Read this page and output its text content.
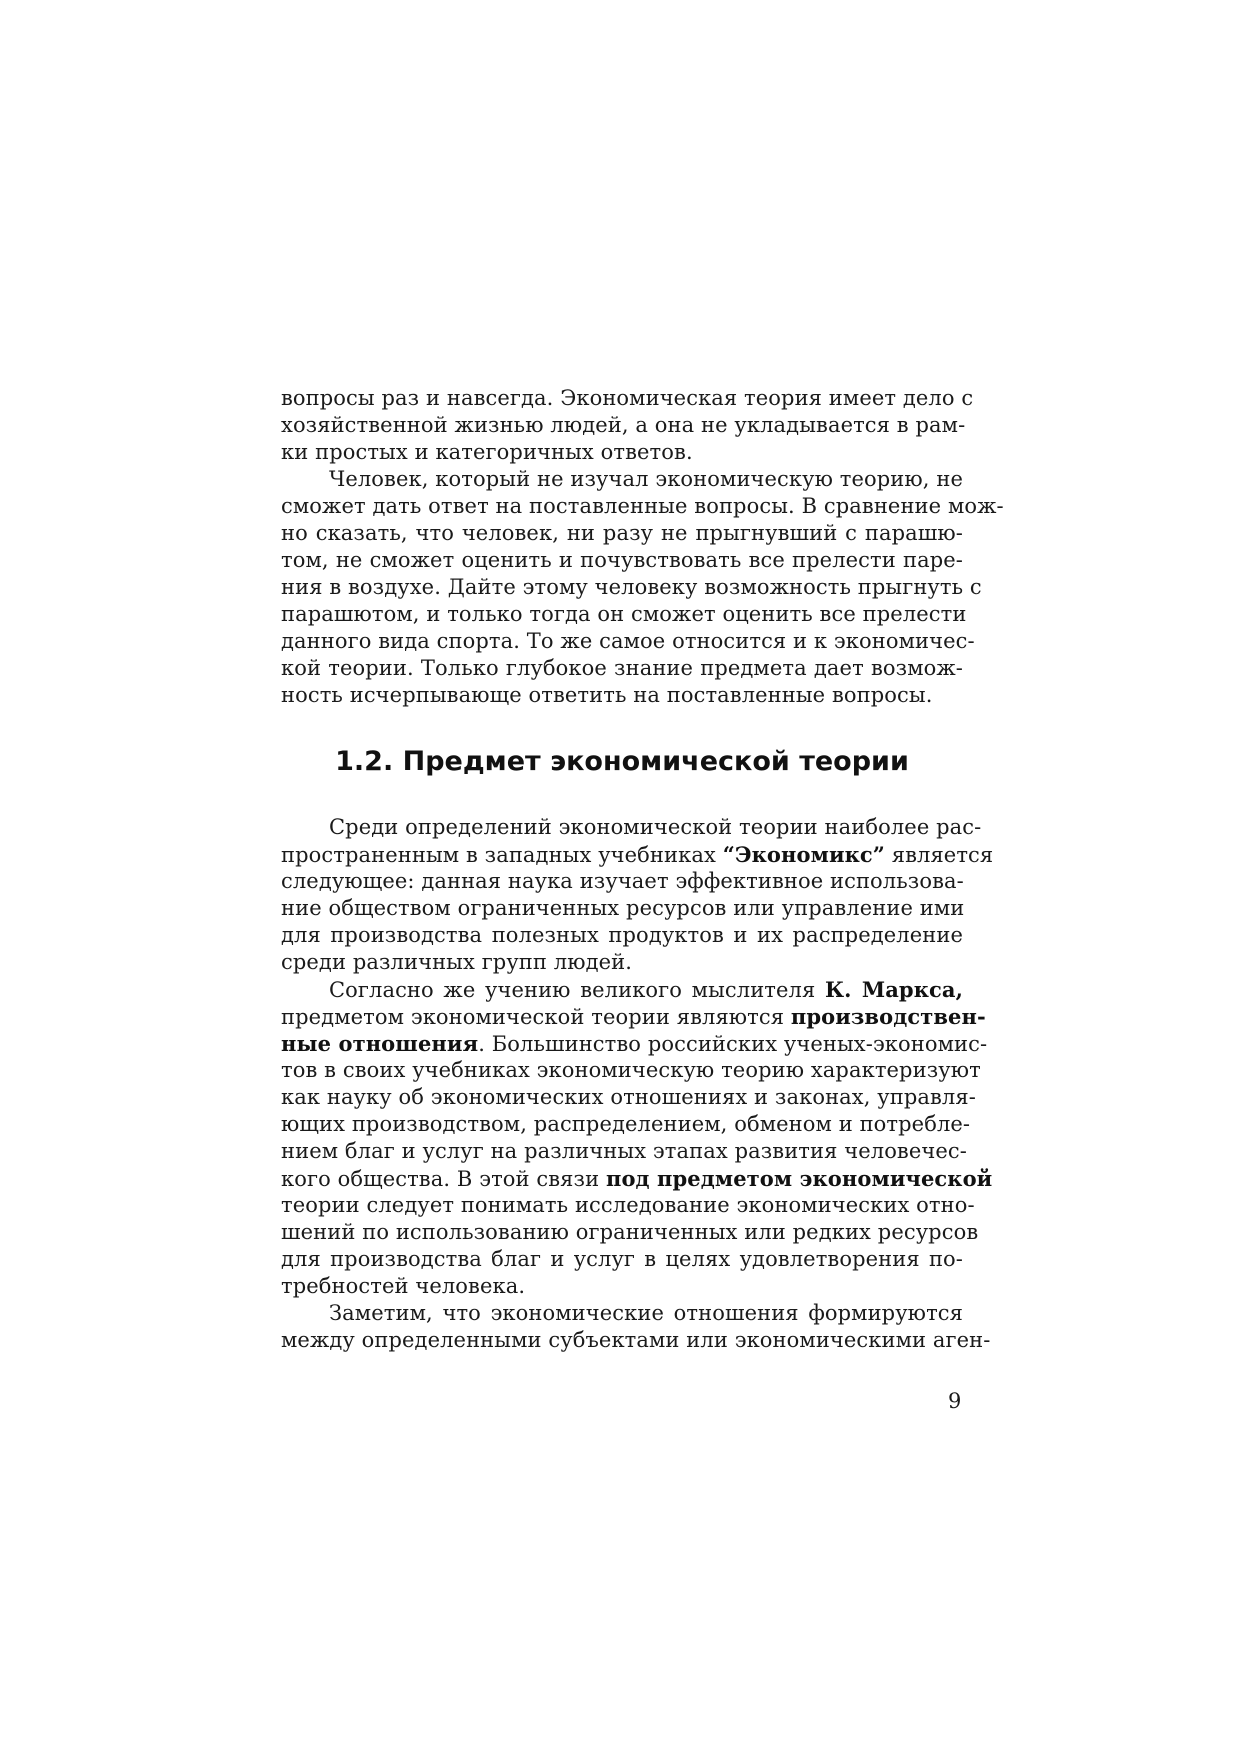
вопросы раз и навсегда. Экономическая теория имеет дело с
хозяйственной жизнью людей, а она не укладывается в рам-
ки простых и категоричных ответов.
Человек, который не изучал экономическую теорию, не
сможет дать ответ на поставленные вопросы. В сравнение мож-
но сказать, что человек, ни разу не прыгнувший с парашю-
том, не сможет оценить и почувствовать все прелести паре-
ния в воздухе. Дайте этому человеку возможность прыгнуть с
парашютом, и только тогда он сможет оценить все прелести
данного вида спорта. То же самое относится и к экономичес-
кой теории. Только глубокое знание предмета дает возмож-
ность исчерпывающе ответить на поставленные вопросы.
1.2. Предмет экономической теории
Среди определений экономической теории наиболее рас-
пространенным в западных учебниках “Экономикс” является
следующее: данная наука изучает эффективное использова-
ние обществом ограниченных ресурсов или управление ими
для производства полезных продуктов и их распределение
среди различных групп людей.
Согласно же учению великого мыслителя К. Маркса,
предметом экономической теории являются производствен-
ные отношения. Большинство российских ученых-экономис-
тов в своих учебниках экономическую теорию характеризуют
как науку об экономических отношениях и законах, управля-
ющих производством, распределением, обменом и потребле-
нием благ и услуг на различных этапах развития человечес-
кого общества. В этой связи под предметом экономической
теории следует понимать исследование экономических отно-
шений по использованию ограниченных или редких ресурсов
для производства благ и услуг в целях удовлетворения по-
требностей человека.
Заметим, что экономические отношения формируются
между определенными субъектами или экономическими аген-
9
